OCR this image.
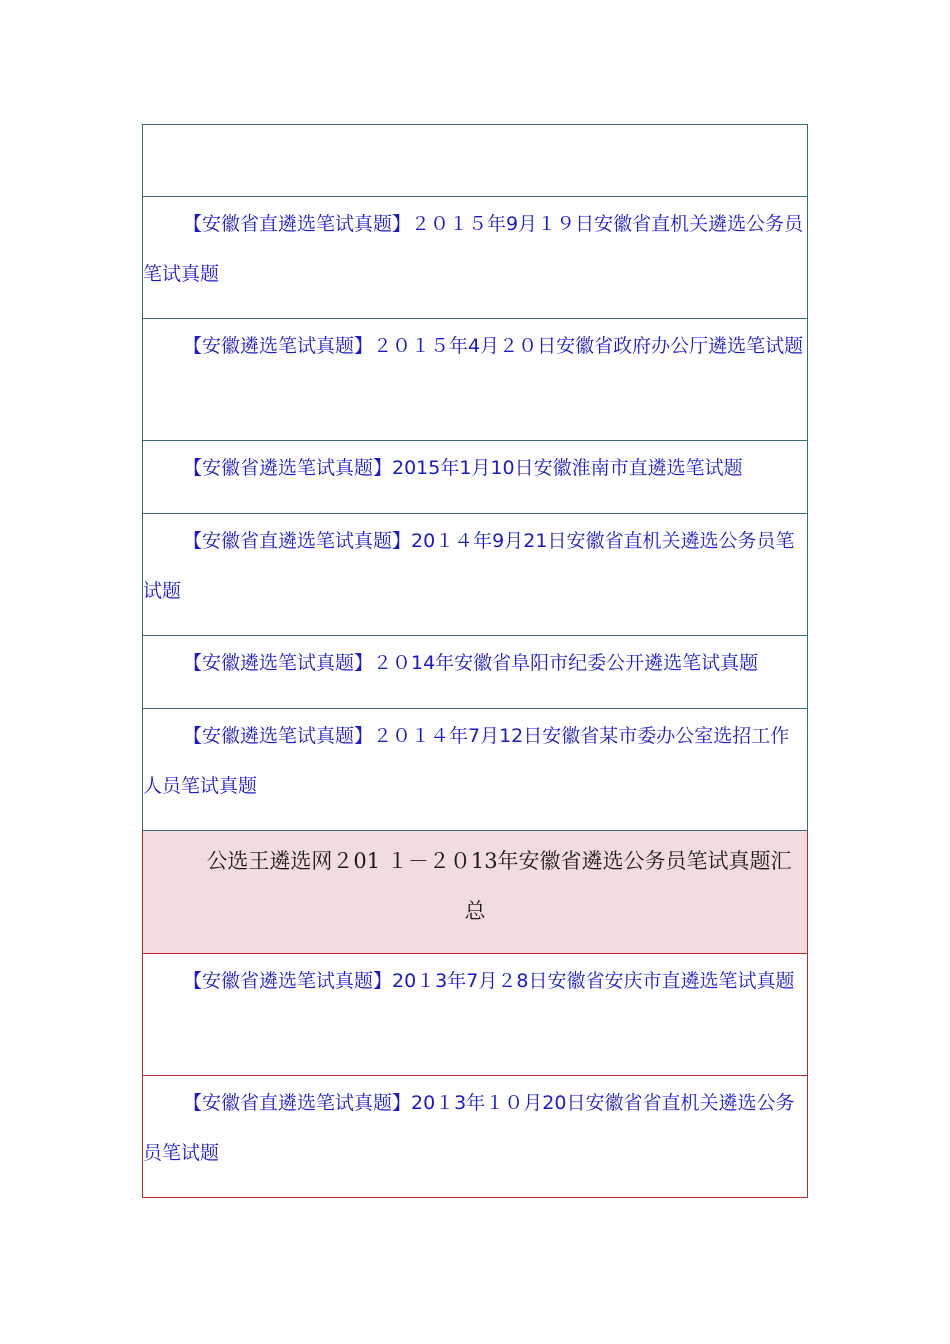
【安徽省直遴选笔试真题】２０１５年9月１９日安徽省直机关遴选公务员笔试真题
【安徽遴选笔试真题】２０１５年4月２０日安徽省政府办公厅遴选笔试题
【安徽省遴选笔试真题】2015年1月10日安徽淮南市直遴选笔试题
【安徽省直遴选笔试真题】20１４年9月21日安徽省直机关遴选公务员笔试题
【安徽遴选笔试真题】２０14年安徽省阜阳市纪委公开遴选笔试真题
【安徽遴选笔试真题】２０１４年7月12日安徽省某市委办公室选招工作人员笔试真题

公选王遴选网２01 １－２０13年安徽省遴选公务员笔试真题汇总

【安徽省遴选笔试真题】20１3年7月２8日安徽省安庆市直遴选笔试真题
【安徽省直遴选笔试真题】20１3年１０月20日安徽省省直机关遴选公务员笔试题
